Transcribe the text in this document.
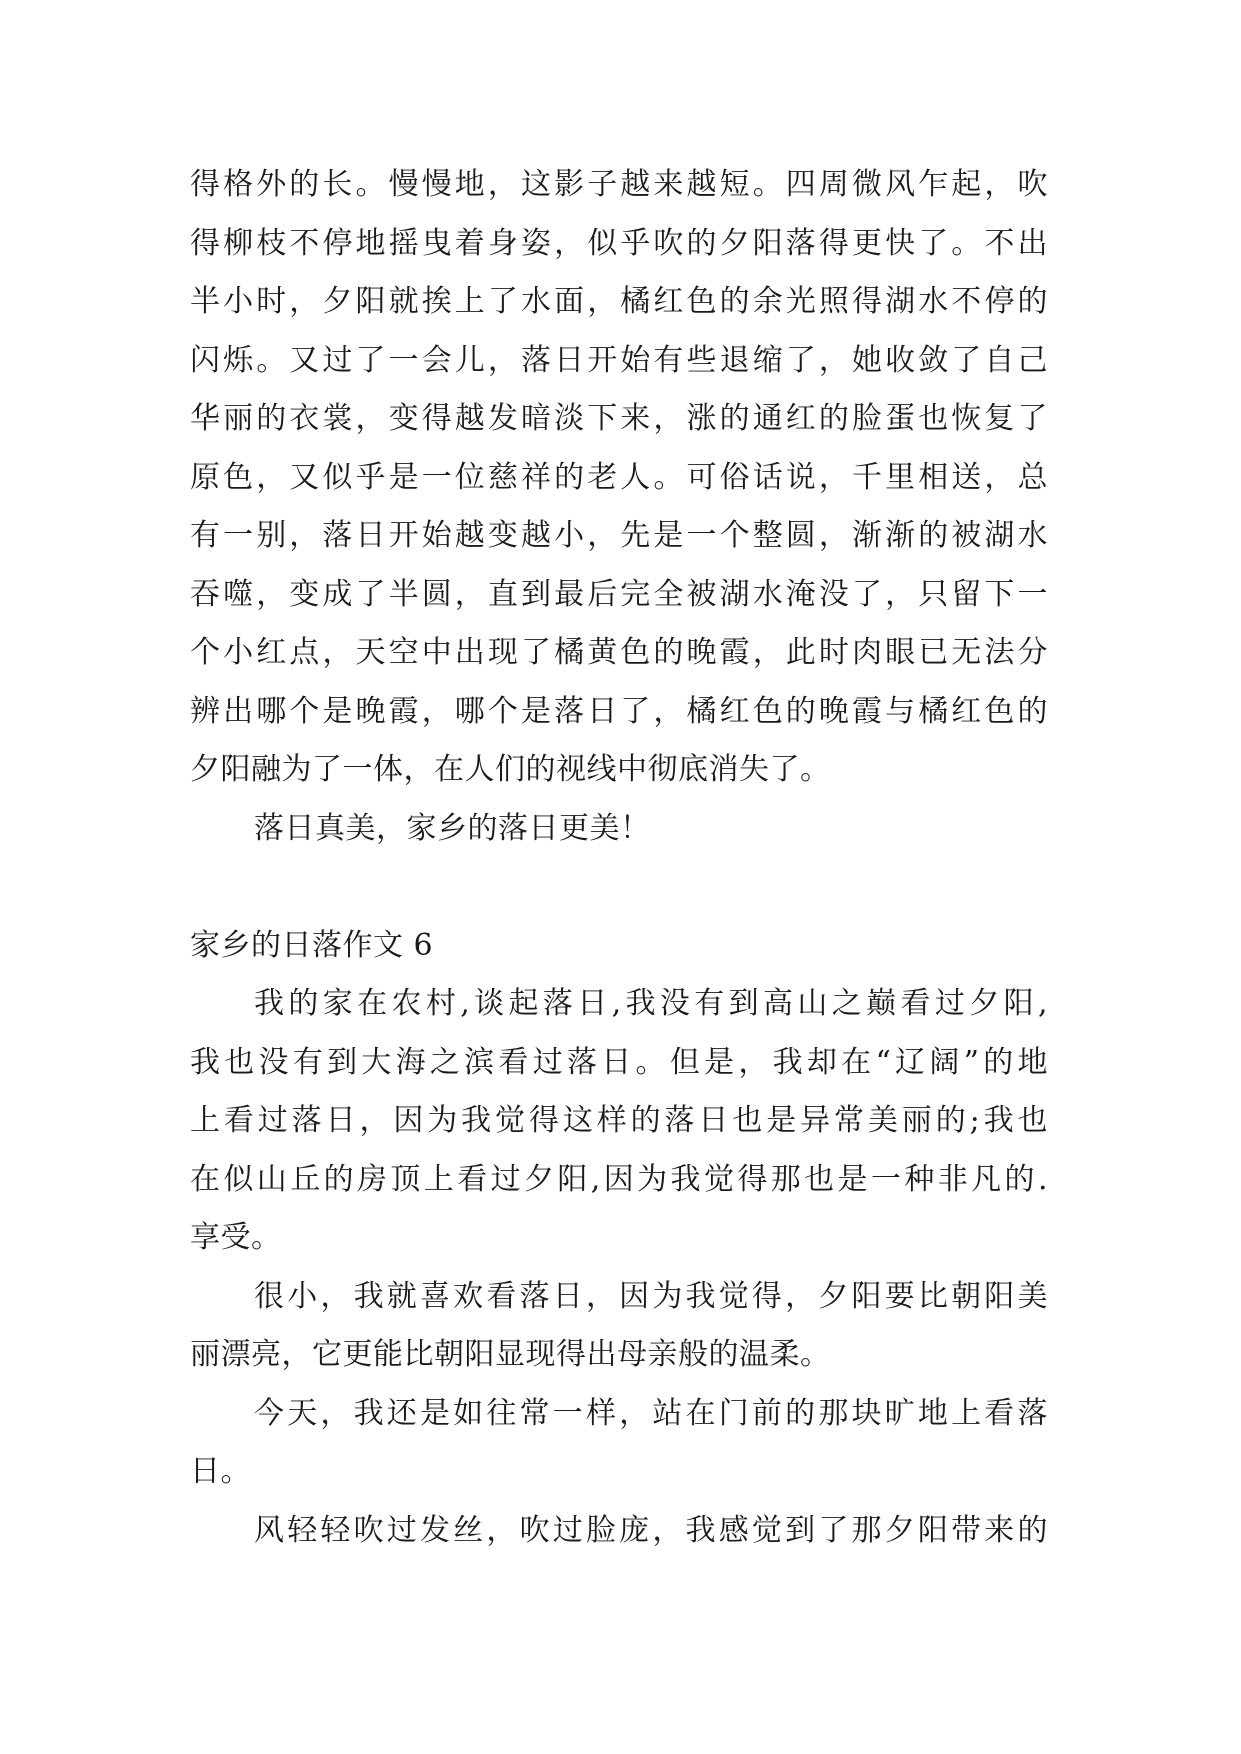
得格外的长。慢慢地，这影子越来越短。四周微风乍起，吹
得柳枝不停地摇曳着身姿，似乎吹的夕阳落得更快了。不出
半小时，夕阳就挨上了水面，橘红色的余光照得湖水不停的
闪烁。又过了一会儿，落日开始有些退缩了，她收敛了自己
华丽的衣裳，变得越发暗淡下来，涨的通红的脸蛋也恢复了
原色，又似乎是一位慈祥的老人。可俗话说，千里相送，总
有一别，落日开始越变越小，先是一个整圆，渐渐的被湖水
吞噬，变成了半圆，直到最后完全被湖水淹没了，只留下一
个小红点，天空中出现了橘黄色的晚霞，此时肉眼已无法分
辨出哪个是晚霞，哪个是落日了，橘红色的晚霞与橘红色的
夕阳融为了一体，在人们的视线中彻底消失了。
落日真美，家乡的落日更美！
家乡的日落作文 6
我的家在农村,谈起落日,我没有到高山之巅看过夕阳,
我也没有到大海之滨看过落日。但是，我却在“辽阔”的地
上看过落日，因为我觉得这样的落日也是异常美丽的;我也
在似山丘的房顶上看过夕阳,因为我觉得那也是一种非凡的.
享受。
很小，我就喜欢看落日，因为我觉得，夕阳要比朝阳美
丽漂亮，它更能比朝阳显现得出母亲般的温柔。
今天，我还是如往常一样，站在门前的那块旷地上看落
日。
风轻轻吹过发丝，吹过脸庞，我感觉到了那夕阳带来的
